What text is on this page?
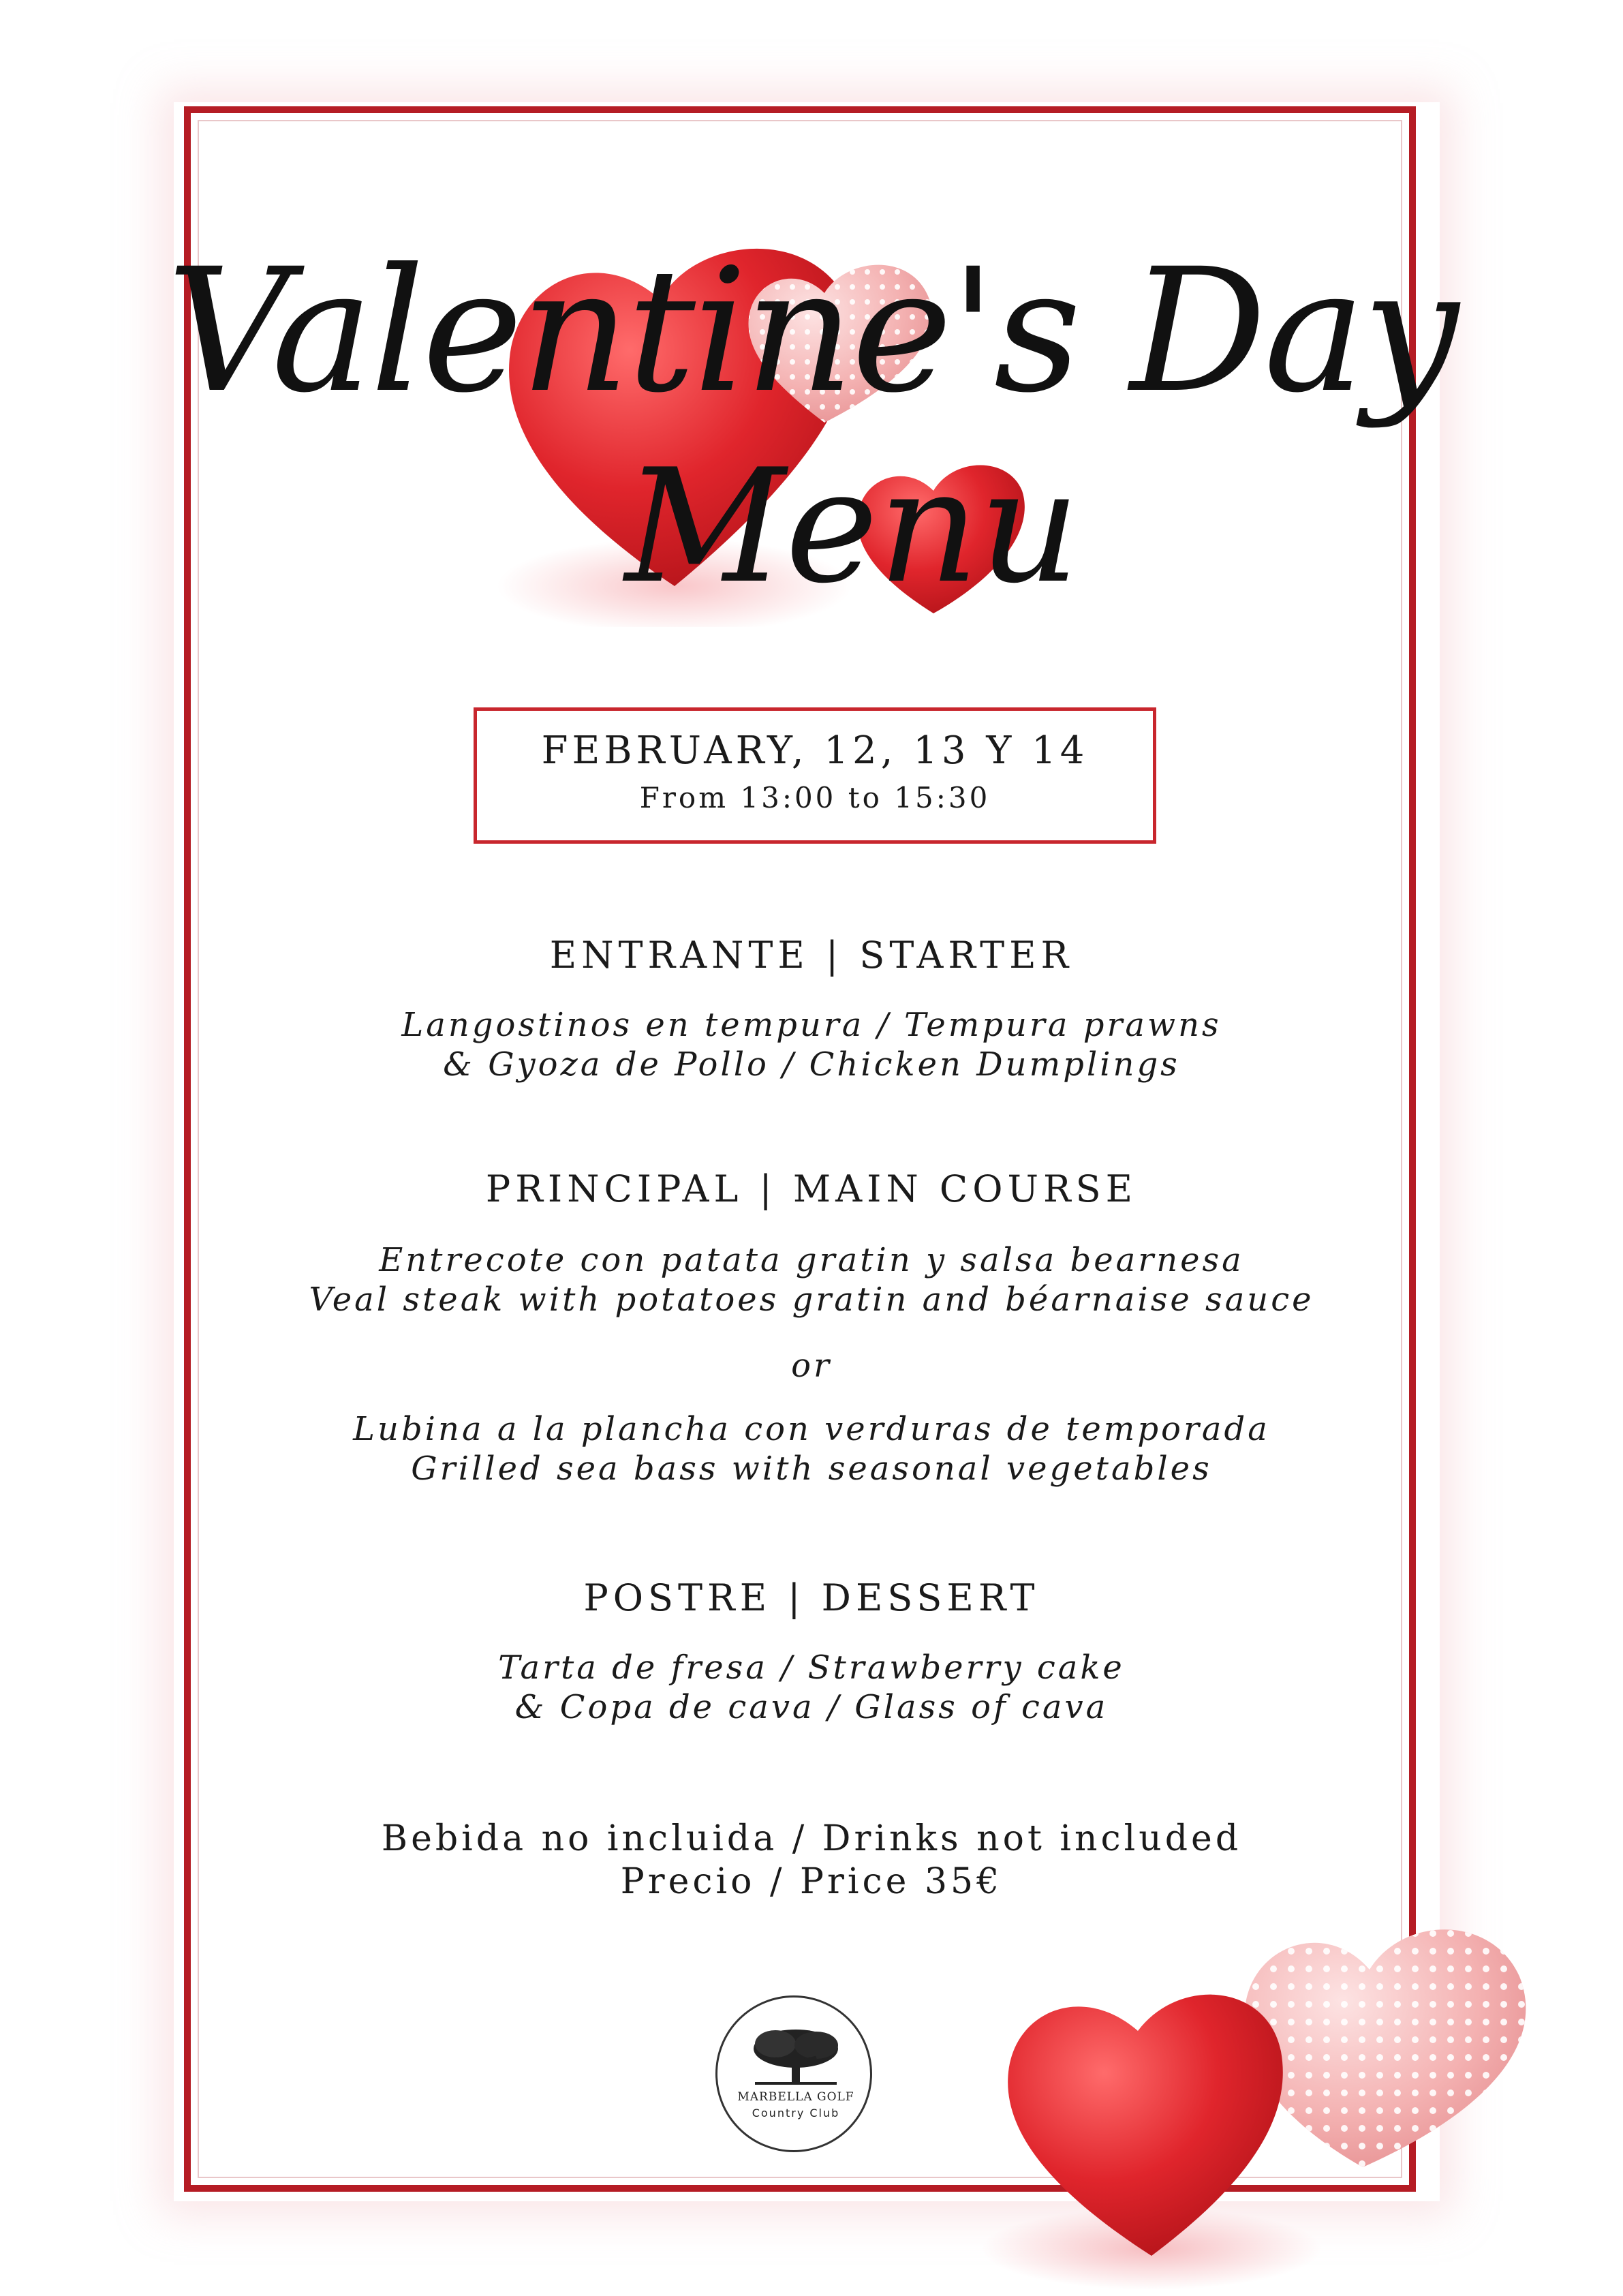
Valentine's Day
Menu
FEBRUARY, 12, 13 Y 14
From 13:00 to 15:30
ENTRANTE | STARTER
Langostinos en tempura / Tempura prawns
& Gyoza de Pollo / Chicken Dumplings
PRINCIPAL | MAIN COURSE
Entrecote con patata gratin y salsa bearnesa
Veal steak with potatoes gratin and béarnaise sauce
or
Lubina a la plancha con verduras de temporada
Grilled sea bass with seasonal vegetables
POSTRE | DESSERT
Tarta de fresa / Strawberry cake
& Copa de cava / Glass of cava
Bebida no incluida / Drinks not included
Precio / Price 35€
MARBELLA GOLF
Country Club
